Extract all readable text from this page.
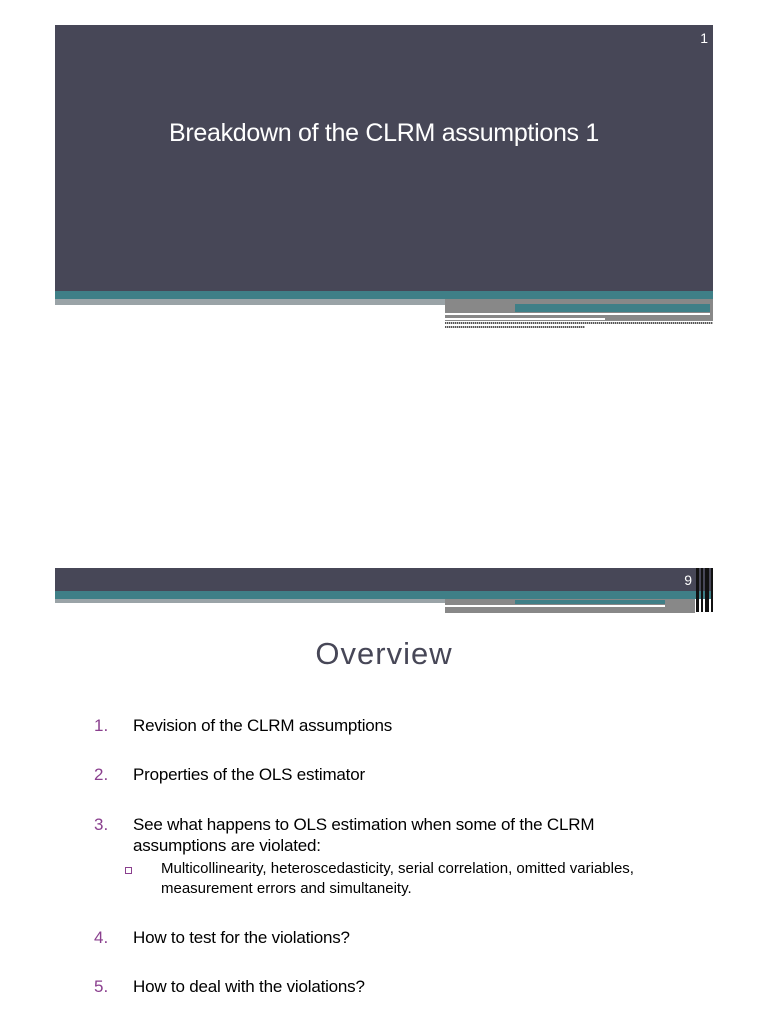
1
Breakdown of the CLRM assumptions 1
9
Overview
1.	Revision of the CLRM assumptions
2.	Properties of the OLS estimator
3.	See what happens to OLS estimation when some of the CLRM assumptions are violated:
Multicollinearity, heteroscedasticity, serial correlation, omitted variables, measurement errors and simultaneity.
4.	How to test for the violations?
5.	How to deal with the violations?
